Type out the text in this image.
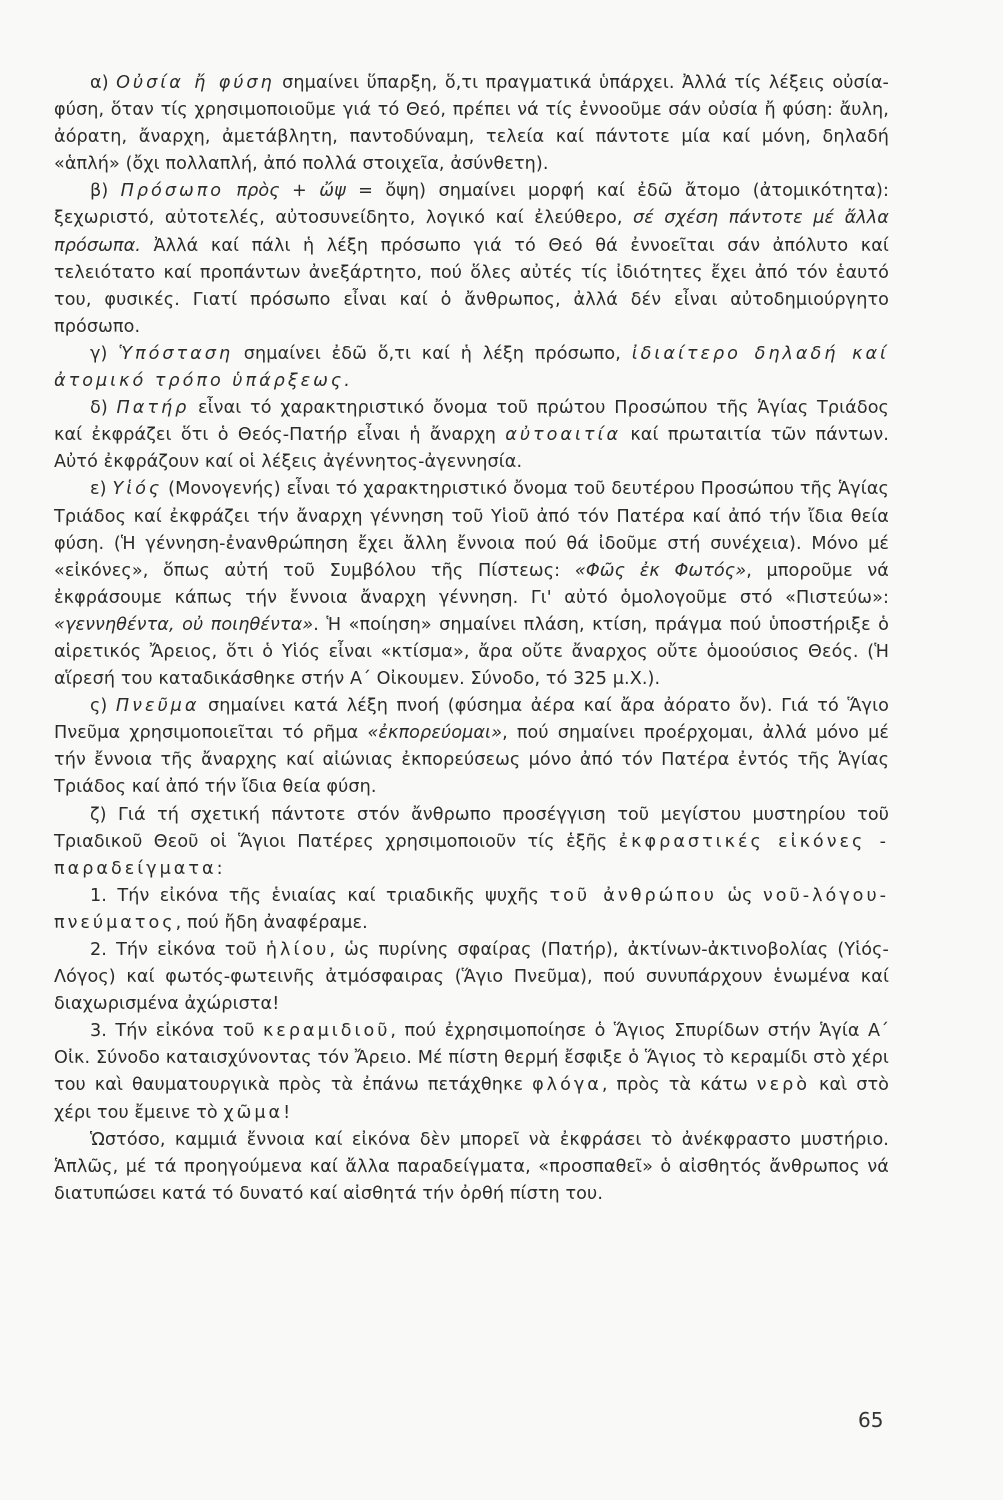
α) Οὐσία ἤ φύση σημαίνει ὕπαρξη, ὅ,τι πραγματικά ὑπάρχει. Ἀλλά τίς λέξεις οὐσία-φύση, ὅταν τίς χρησιμοποιοῦμε γιά τό Θεό, πρέπει νά τίς ἐννοοῦμε σάν οὐσία ἤ φύση: ἄυλη, ἀόρατη, ἄναρχη, ἀμετάβλητη, παντοδύναμη, τελεία καί πάντοτε μία καί μόνη, δηλαδή «ἁπλή» (ὄχι πολλαπλή, ἀπό πολλά στοιχεῖα, ἀσύνθετη).

β) Πρόσωπο πρὸς + ὤψ = ὄψη) σημαίνει μορφή καί ἐδῶ ἄτομο (ἀτομικότητα): ξεχωριστό, αὐτοτελές, αὐτοσυνείδητο, λογικό καί ἐλεύθερο, σέ σχέση πάντοτε μέ ἄλλα πρόσωπα. Ἀλλά καί πάλι ἡ λέξη πρόσωπο γιά τό Θεό θά ἐννοεῖται σάν ἀπόλυτο καί τελειότατο καί προπάντων ἀνεξάρτητο, πού ὅλες αὐτές τίς ἰδιότητες ἔχει ἀπό τόν ἑαυτό του, φυσικές. Γιατί πρόσωπο εἶναι καί ὁ ἄνθρωπος, ἀλλά δέν εἶναι αὐτοδημιούργητο πρόσωπο.

γ) Ὑπόσταση σημαίνει ἐδῶ ὅ,τι καί ἡ λέξη πρόσωπο, ἰδιαίτερο δηλαδή καί ἀτομικό τρόπο ὑπάρξεως.

δ) Πατήρ εἶναι τό χαρακτηριστικό ὄνομα τοῦ πρώτου Προσώπου τῆς Ἁγίας Τριάδος καί ἐκφράζει ὅτι ὁ Θεός-Πατήρ εἶναι ἡ ἄναρχη αὐτοαιτία καί πρωταιτία τῶν πάντων. Αὐτό ἐκφράζουν καί οἱ λέξεις ἀγέννητος-ἀγεννησία.

ε) Υἱός (Μονογενής) εἶναι τό χαρακτηριστικό ὄνομα τοῦ δευτέρου Προσώπου τῆς Ἁγίας Τριάδος καί ἐκφράζει τήν ἄναρχη γέννηση τοῦ Υἱοῦ ἀπό τόν Πατέρα καί ἀπό τήν ἴδια θεία φύση. (Ἡ γέννηση-ἐνανθρώπηση ἔχει ἄλλη ἔννοια πού θά ἰδοῦμε στή συνέχεια). Μόνο μέ «εἰκόνες», ὅπως αὐτή τοῦ Συμβόλου τῆς Πίστεως: «Φῶς ἐκ Φωτός», μποροῦμε νά ἐκφράσουμε κάπως τήν ἔννοια ἄναρχη γέννηση. Γι' αὐτό ὁμολογοῦμε στό «Πιστεύω»: «γεννηθέντα, οὐ ποιηθέντα». Ἡ «ποίηση» σημαίνει πλάση, κτίση, πράγμα πού ὑποστήριξε ὁ αἱρετικός Ἄρειος, ὅτι ὁ Υἱός εἶναι «κτίσμα», ἄρα οὔτε ἄναρχος οὔτε ὁμοούσιος Θεός. (Ἡ αἵρεσή του καταδικάσθηκε στήν Α΄ Οἰκουμεν. Σύνοδο, τό 325 μ.Χ.).

ς) Πνεῦμα σημαίνει κατά λέξη πνοή (φύσημα ἀέρα καί ἄρα ἀόρατο ὄν). Γιά τό Ἅγιο Πνεῦμα χρησιμοποιεῖται τό ρῆμα «ἐκπορεύομαι», πού σημαίνει προέρχομαι, ἀλλά μόνο μέ τήν ἔννοια τῆς ἄναρχης καί αἰώνιας ἐκπορεύσεως μόνο ἀπό τόν Πατέρα ἐντός τῆς Ἁγίας Τριάδος καί ἀπό τήν ἴδια θεία φύση.

ζ) Γιά τή σχετική πάντοτε στόν ἄνθρωπο προσέγγιση τοῦ μεγίστου μυστηρίου τοῦ Τριαδικοῦ Θεοῦ οἱ Ἅγιοι Πατέρες χρησιμοποιοῦν τίς ἑξῆς ἐκφραστικές εἰκόνες - παραδείγματα:

1. Τήν εἰκόνα τῆς ἑνιαίας καί τριαδικῆς ψυχῆς τοῦ ἀνθρώπου ὡς νοῦ-λόγου-πνεύματος, πού ἤδη ἀναφέραμε.

2. Τήν εἰκόνα τοῦ ἡλίου, ὡς πυρίνης σφαίρας (Πατήρ), ἀκτίνων-ἀκτινοβολίας (Υἱός-Λόγος) καί φωτός-φωτεινῆς ἀτμόσφαιρας (Ἅγιο Πνεῦμα), πού συνυπάρχουν ἑνωμένα καί διαχωρισμένα ἀχώριστα!

3. Τήν εἰκόνα τοῦ κεραμιδιοῦ, πού ἐχρησιμοποίησε ὁ Ἅγιος Σπυρίδων στήν Ἁγία Α΄ Οἰκ. Σύνοδο καταισχύνοντας τόν Ἄρειο. Μέ πίστη θερμή ἔσφιξε ὁ Ἅγιος τὸ κεραμίδι στὸ χέρι του καὶ θαυματουργικὰ πρὸς τὰ ἐπάνω πετάχθηκε φλόγα, πρὸς τὰ κάτω νερὸ καὶ στὸ χέρι του ἔμεινε τὸ χῶμα!

Ὡστόσο, καμμιά ἔννοια καί εἰκόνα δὲν μπορεῖ νὰ ἐκφράσει τὸ ἀνέκφραστο μυστήριο. Ἁπλῶς, μέ τά προηγούμενα καί ἄλλα παραδείγματα, «προσπαθεῖ» ὁ αἰσθητός ἄνθρωπος νά διατυπώσει κατά τό δυνατό καί αἰσθητά τήν ὀρθή πίστη του.

65
